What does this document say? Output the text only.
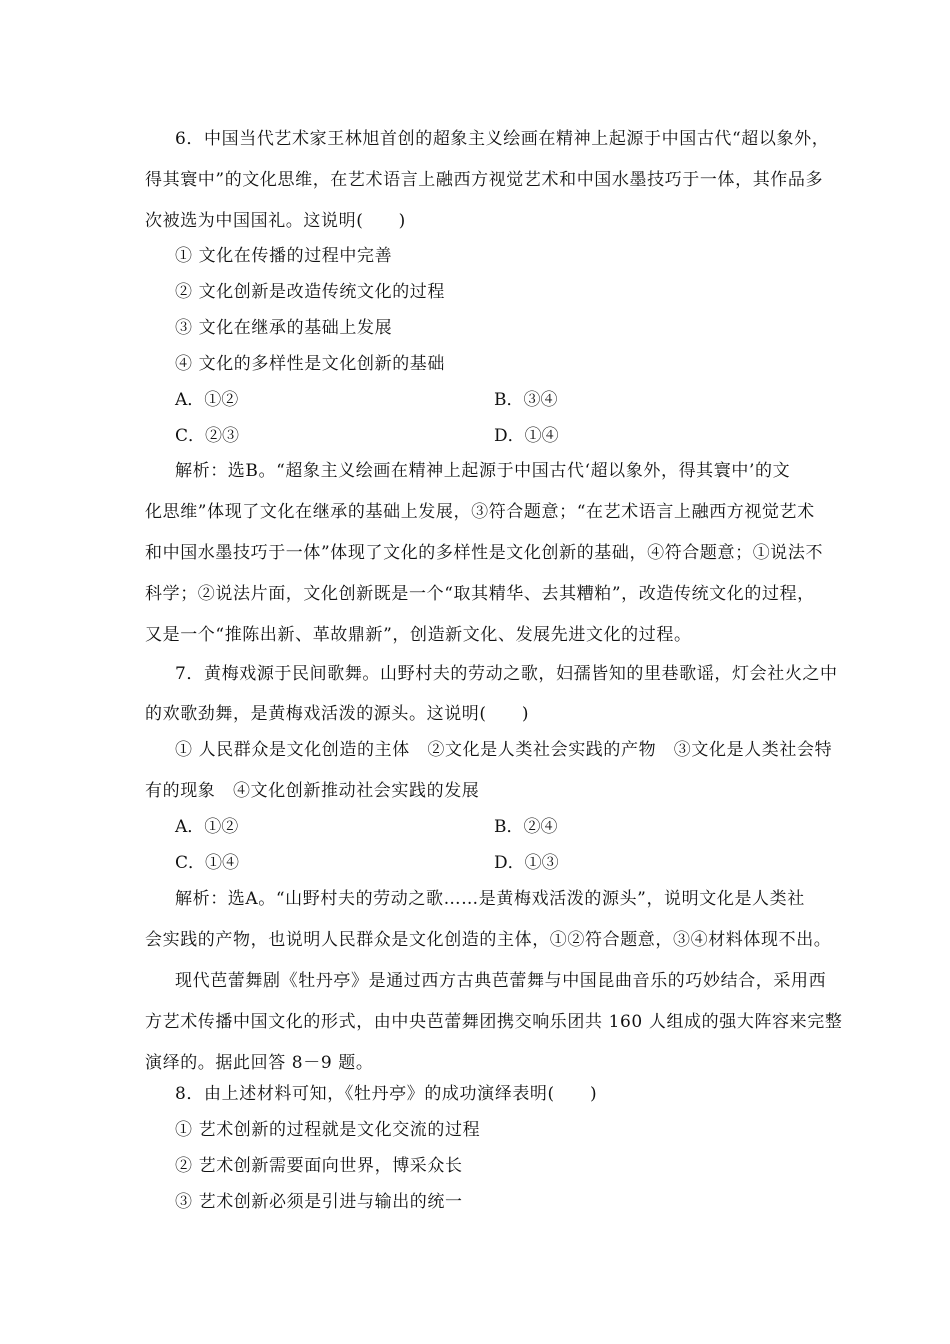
6．中国当代艺术家王林旭首创的超象主义绘画在精神上起源于中国古代“超以象外，
得其寰中”的文化思维，在艺术语言上融西方视觉艺术和中国水墨技巧于一体，其作品多
次被选为中国国礼。这说明(　　)
① 文化在传播的过程中完善
② 文化创新是改造传统文化的过程
③ 文化在继承的基础上发展
④ 文化的多样性是文化创新的基础
A．①②	B．③④
C．②③	D．①④
解析：选B。“超象主义绘画在精神上起源于中国古代‘超以象外，得其寰中’的文
化思维”体现了文化在继承的基础上发展，③符合题意；“在艺术语言上融西方视觉艺术
和中国水墨技巧于一体”体现了文化的多样性是文化创新的基础，④符合题意；①说法不
科学；②说法片面，文化创新既是一个“取其精华、去其糟粕”，改造传统文化的过程，
又是一个“推陈出新、革故鼎新”，创造新文化、发展先进文化的过程。
7．黄梅戏源于民间歌舞。山野村夫的劳动之歌，妇孺皆知的里巷歌谣，灯会社火之中
的欢歌劲舞，是黄梅戏活泼的源头。这说明(　　)
① 人民群众是文化创造的主体　②文化是人类社会实践的产物　③文化是人类社会特
有的现象　④文化创新推动社会实践的发展
A．①②	B．②④
C．①④	D．①③
解析：选A。“山野村夫的劳动之歌……是黄梅戏活泼的源头”，说明文化是人类社
会实践的产物，也说明人民群众是文化创造的主体，①②符合题意，③④材料体现不出。
现代芭蕾舞剧《牡丹亭》是通过西方古典芭蕾舞与中国昆曲音乐的巧妙结合，采用西
方艺术传播中国文化的形式，由中央芭蕾舞团携交响乐团共 160 人组成的强大阵容来完整
演绎的。据此回答 8－9 题。
8．由上述材料可知，《牡丹亭》的成功演绎表明(　　)
① 艺术创新的过程就是文化交流的过程
② 艺术创新需要面向世界，博采众长
③ 艺术创新必须是引进与输出的统一
